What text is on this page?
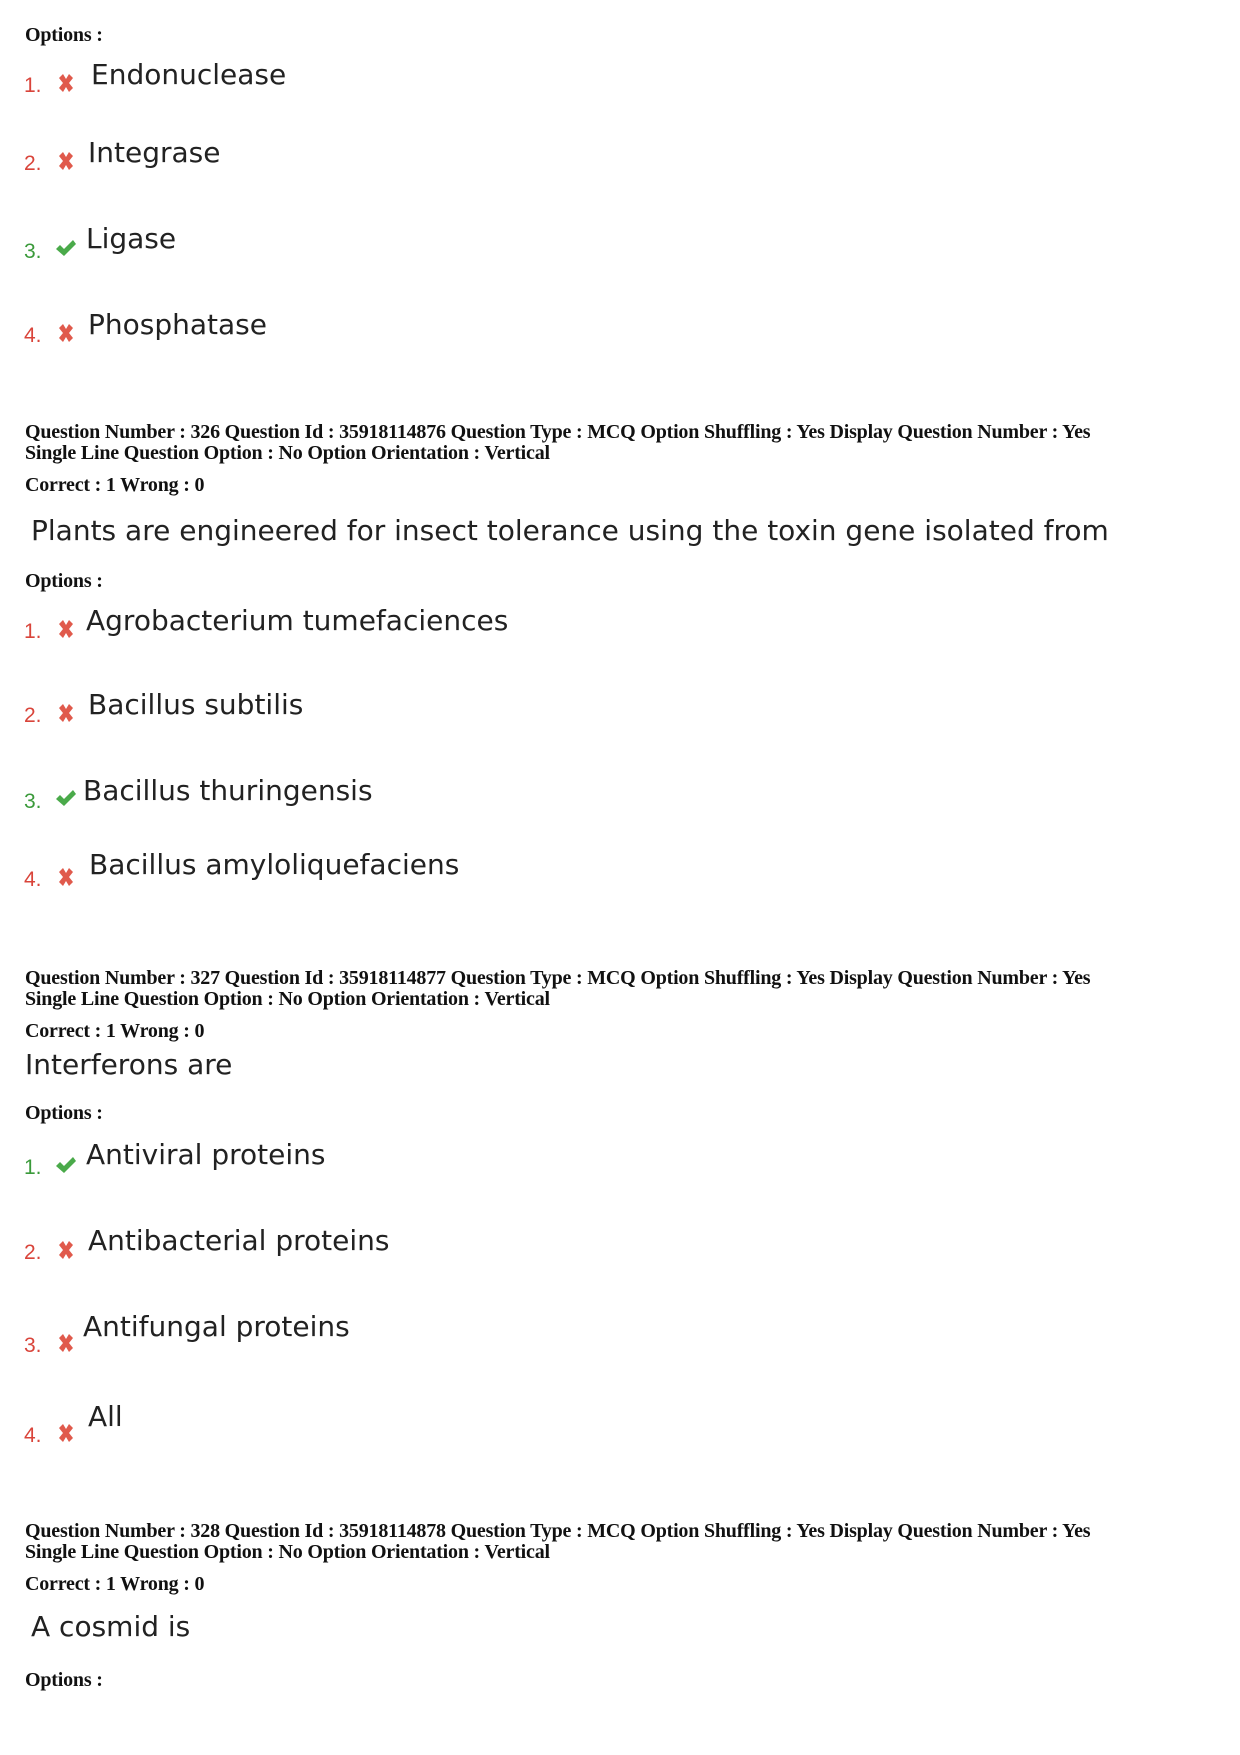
Options :
1. Endonuclease
2. Integrase
3. Ligase
4. Phosphatase
Question Number : 326 Question Id : 35918114876 Question Type : MCQ Option Shuffling : Yes Display Question Number : Yes
Single Line Question Option : No Option Orientation : Vertical
Correct : 1 Wrong : 0
Plants are engineered for insect tolerance using the toxin gene isolated from
Options :
1. Agrobacterium tumefaciences
2. Bacillus subtilis
3. Bacillus thuringensis
4. Bacillus amyloliquefaciens
Question Number : 327 Question Id : 35918114877 Question Type : MCQ Option Shuffling : Yes Display Question Number : Yes
Single Line Question Option : No Option Orientation : Vertical
Correct : 1 Wrong : 0
Interferons are
Options :
1. Antiviral proteins
2. Antibacterial proteins
3.
Antifungal proteins
4.
All
Question Number : 328 Question Id : 35918114878 Question Type : MCQ Option Shuffling : Yes Display Question Number : Yes
Single Line Question Option : No Option Orientation : Vertical
Correct : 1 Wrong : 0
A cosmid is
Options :
